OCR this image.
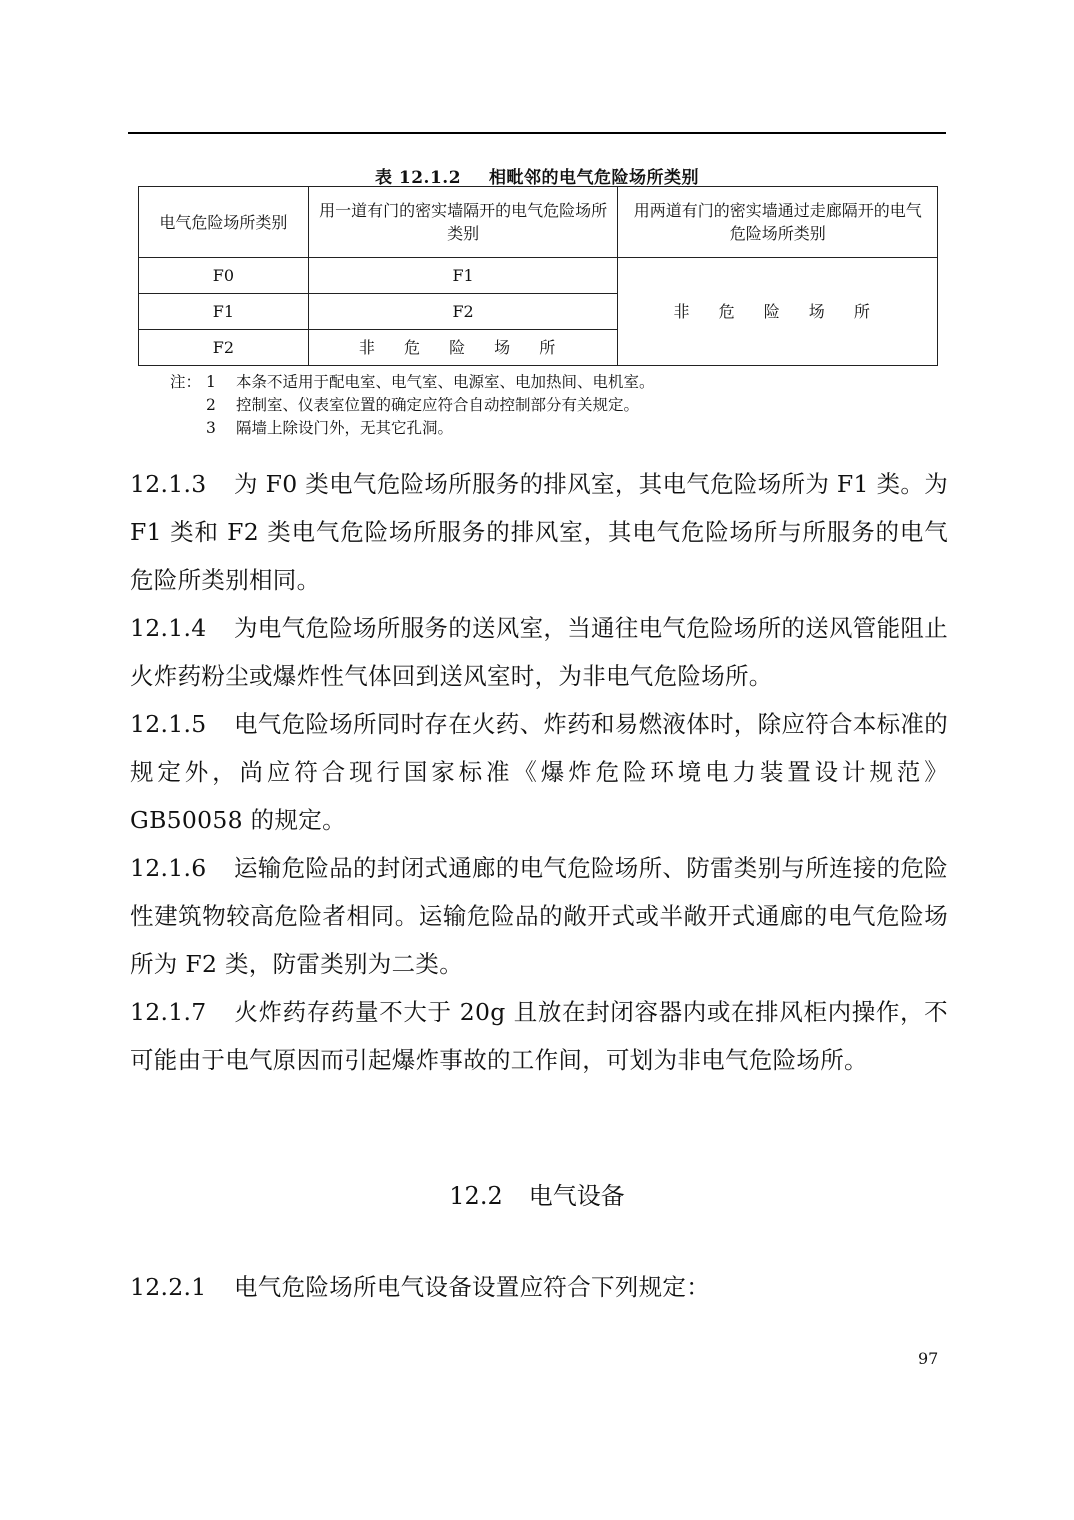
表 12.1.2 相毗邻的电气危险场所类别
电气危险场所类别	用一道有门的密实墙隔开的电气危险场所类别	用两道有门的密实墙通过走廊隔开的电气危险场所类别
F0	F1	非 危 险 场 所
F1	F2	
F2	非 危 险 场 所	
注： 1 本条不适用于配电室、电气室、电源室、电加热间、电机室。
2 控制室、仪表室位置的确定应符合自动控制部分有关规定。
3 隔墙上除设门外，无其它孔洞。

12.1.3 为 F0 类电气危险场所服务的排风室，其电气危险场所为 F1 类。为 F1 类和 F2 类电气危险场所服务的排风室，其电气危险场所与所服务的电气危险所类别相同。

12.1.4 为电气危险场所服务的送风室，当通往电气危险场所的送风管能阻止火炸药粉尘或爆炸性气体回到送风室时，为非电气危险场所。

12.1.5 电气危险场所同时存在火药、炸药和易燃液体时，除应符合本标准的规定外，尚应符合现行国家标准《爆炸危险环境电力装置设计规范》GB50058 的规定。

12.1.6 运输危险品的封闭式通廊的电气危险场所、防雷类别与所连接的危险性建筑物较高危险者相同。运输危险品的敞开式或半敞开式通廊的电气危险场所为 F2 类，防雷类别为二类。

12.1.7 火炸药存药量不大于 20g 且放在封闭容器内或在排风柜内操作，不可能由于电气原因而引起爆炸事故的工作间，可划为非电气危险场所。

12.2 电气设备
12.2.1 电气危险场所电气设备设置应符合下列规定：
97
